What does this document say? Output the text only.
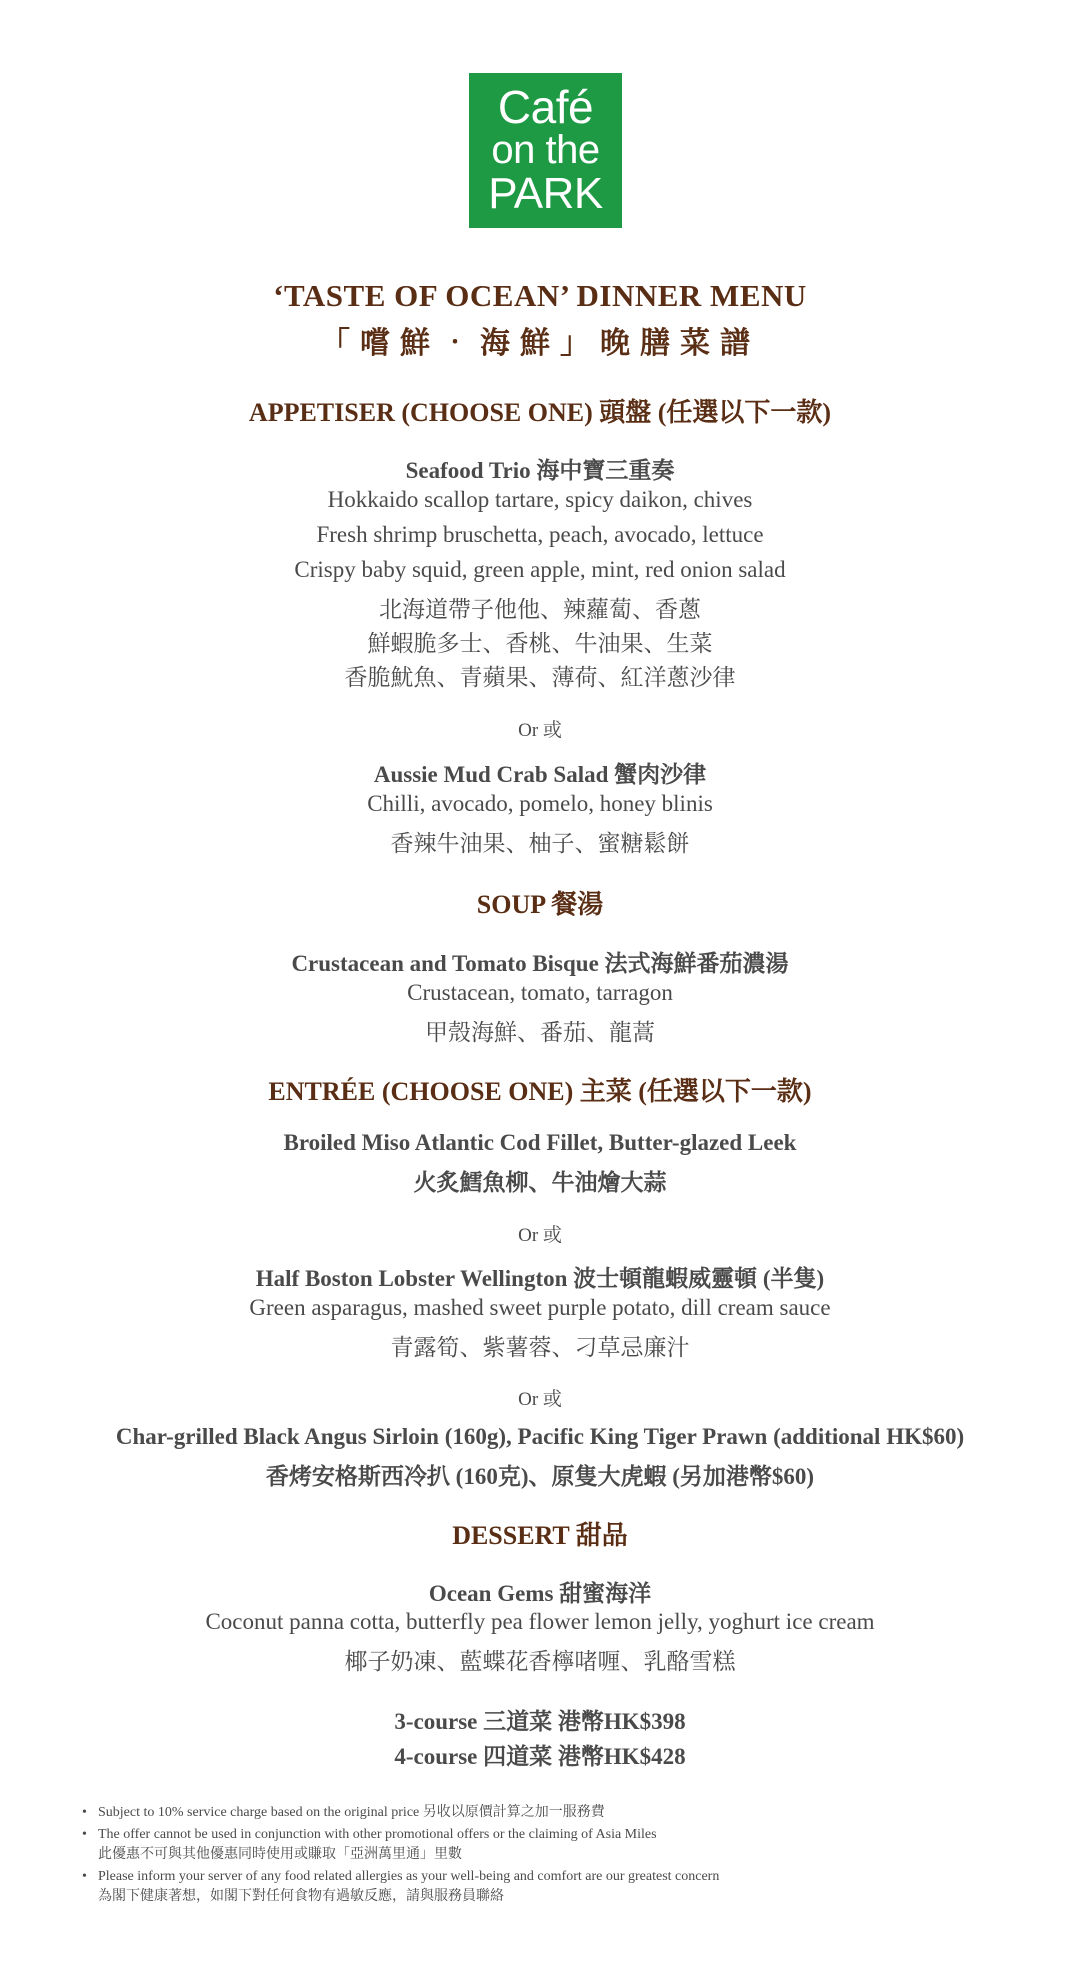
Café
on the
PARK
‘TASTE OF OCEAN’ DINNER MENU
「嚐鮮‧海鮮」晚膳菜譜
APPETISER (CHOOSE ONE) 頭盤 (任選以下一款)
Seafood Trio 海中寶三重奏
Hokkaido scallop tartare, spicy daikon, chives
Fresh shrimp bruschetta, peach, avocado, lettuce
Crispy baby squid, green apple, mint, red onion salad
北海道帶子他他、辣蘿蔔、香蔥
鮮蝦脆多士、香桃、牛油果、生菜
香脆魷魚、青蘋果、薄荷、紅洋蔥沙律
Or 或
Aussie Mud Crab Salad 蟹肉沙律
Chilli, avocado, pomelo, honey blinis
香辣牛油果、柚子、蜜糖鬆餅
SOUP 餐湯
Crustacean and Tomato Bisque 法式海鮮番茄濃湯
Crustacean, tomato, tarragon
甲殼海鮮、番茄、龍蒿
ENTRÉE (CHOOSE ONE) 主菜 (任選以下一款)
Broiled Miso Atlantic Cod Fillet, Butter-glazed Leek
火炙鱈魚柳、牛油燴大蒜
Or 或
Half Boston Lobster Wellington 波士頓龍蝦威靈頓 (半隻)
Green asparagus, mashed sweet purple potato, dill cream sauce
青露筍、紫薯蓉、刁草忌廉汁
Or 或
Char-grilled Black Angus Sirloin (160g), Pacific King Tiger Prawn (additional HK$60)
香烤安格斯西冷扒 (160克)、原隻大虎蝦 (另加港幣$60)
DESSERT 甜品
Ocean Gems 甜蜜海洋
Coconut panna cotta, butterfly pea flower lemon jelly, yoghurt ice cream
椰子奶凍、藍蝶花香檸啫喱、乳酪雪糕
3-course 三道菜 港幣HK$398
4-course 四道菜 港幣HK$428

• Subject to 10% service charge based on the original price 另收以原價計算之加一服務費

• The offer cannot be used in conjunction with other promotional offers or the claiming of Asia Miles
此優惠不可與其他優惠同時使用或賺取「亞洲萬里通」里數

• Please inform your server of any food related allergies as your well-being and comfort are our greatest concern
為閣下健康著想，如閣下對任何食物有過敏反應，請與服務員聯絡
